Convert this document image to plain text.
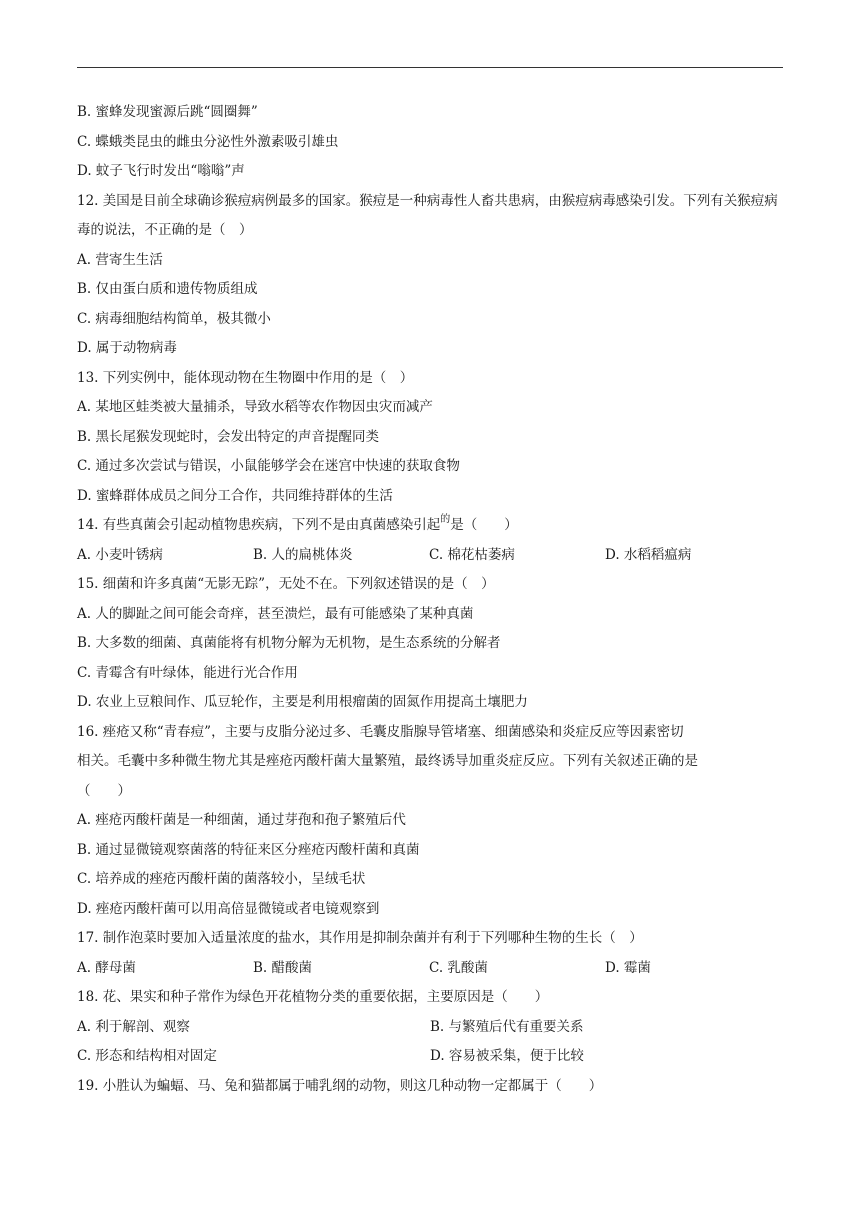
B. 蜜蜂发现蜜源后跳“圆圈舞”
C. 蝶蛾类昆虫的雌虫分泌性外激素吸引雄虫
D. 蚊子飞行时发出“嗡嗡”声
12. 美国是目前全球确诊猴痘病例最多的国家。猴痘是一种病毒性人畜共患病，由猴痘病毒感染引发。下列有关猴痘病毒的说法，不正确的是（　）
A. 营寄生生活
B. 仅由蛋白质和遗传物质组成
C. 病毒细胞结构简单，极其微小
D. 属于动物病毒
13. 下列实例中，能体现动物在生物圈中作用的是（　）
A. 某地区蛙类被大量捕杀，导致水稻等农作物因虫灾而减产
B. 黑长尾猴发现蛇时，会发出特定的声音提醒同类
C. 通过多次尝试与错误，小鼠能够学会在迷宫中快速的获取食物
D. 蜜蜂群体成员之间分工合作，共同维持群体的生活
14. 有些真菌会引起动植物患疾病，下列不是由真菌感染引起$^的$是（　　）
A. 小麦叶锈病	B. 人的扁桃体炎	C. 棉花枯萎病	D. 水稻稻瘟病
15. 细菌和许多真菌“无影无踪”，无处不在。下列叙述错误的是（　）
A. 人的脚趾之间可能会奇痒，甚至溃烂，最有可能感染了某种真菌
B. 大多数的细菌、真菌能将有机物分解为无机物，是生态系统的分解者
C. 青霉含有叶绿体，能进行光合作用
D. 农业上豆粮间作、瓜豆轮作，主要是利用根瘤菌的固氮作用提高土壤肥力
16. 痤疮又称“青春痘”，主要与皮脂分泌过多、毛囊皮脂腺导管堵塞、细菌感染和炎症反应等因素密切
相关。毛囊中多种微生物尤其是痤疮丙酸杆菌大量繁殖，最终诱导加重炎症反应。下列有关叙述正确的是
（　　）
A. 痤疮丙酸杆菌是一种细菌，通过芽孢和孢子繁殖后代
B. 通过显微镜观察菌落的特征来区分痤疮丙酸杆菌和真菌
C. 培养成的痤疮丙酸杆菌的菌落较小，呈绒毛状
D. 痤疮丙酸杆菌可以用高倍显微镜或者电镜观察到
17. 制作泡菜时要加入适量浓度的盐水，其作用是抑制杂菌并有利于下列哪种生物的生长（　）
A. 酵母菌	B. 醋酸菌	C. 乳酸菌	D. 霉菌
18. 花、果实和种子常作为绿色开花植物分类的重要依据，主要原因是（　　）
A. 利于解剖、观察	B. 与繁殖后代有重要关系
C. 形态和结构相对固定	D. 容易被采集，便于比较
19. 小胜认为蝙蝠、马、兔和猫都属于哺乳纲的动物，则这几种动物一定都属于（　　）
